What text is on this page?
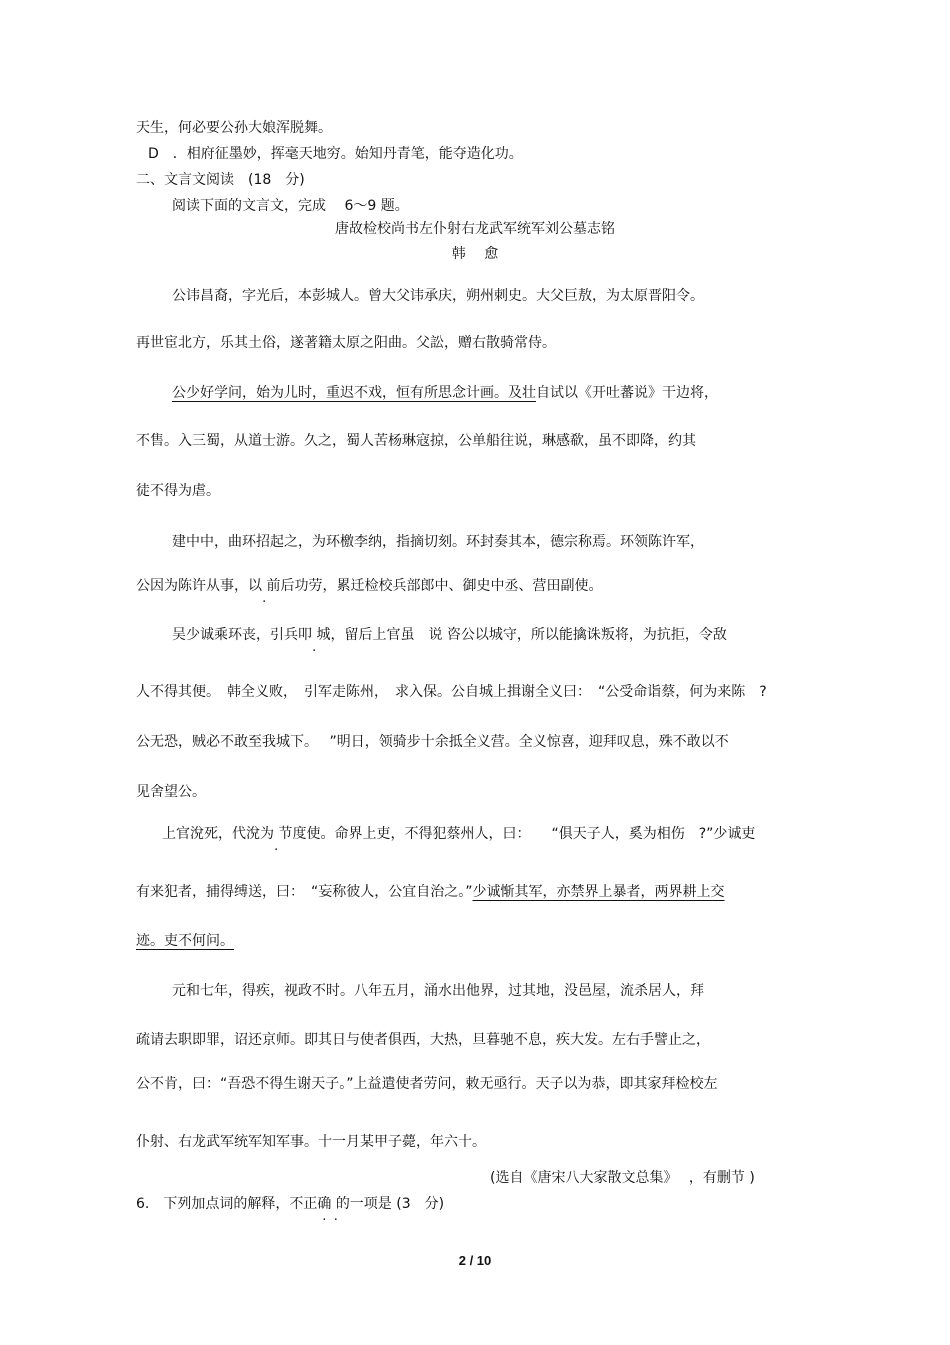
天生，何必要公孙大娘浑脱舞。
D　．相府征墨妙，挥毫天地穷。始知丹青笔，能夺造化功。
二、文言文阅读　(18　分)
阅读下面的文言文，完成　 6～9 题。
唐故检校尚书左仆射右龙武军统军刘公墓志铭
韩　 愈
公讳昌裔，字光后，本彭城人。曾大父讳承庆，朔州刺史。大父巨敖，为太原晋阳令。
再世宦北方，乐其土俗，遂著籍太原之阳曲。父訟，赠右散骑常侍。
公少好学问，始为儿时，重迟不戏，恒有所思念计画。及壮自试以《开吐蕃说》干边将，
不售。入三蜀，从道士游。久之，蜀人苦杨琳寇掠，公单船往说，琳感欷，虽不即降，约其
徒不得为虐。
建中中，曲环招起之，为环檄李纳，指摘切刻。环封奏其本，德宗称焉。环领陈许军，
公因为陈许从事，以 . 前后功劳，累迁检校兵部郎中、御史中丞、营田副使。
吴少诚乘环丧，引兵叩 . 城，留后上官虽　说 咨公以城守，所以能擒诛叛将，为抗拒，令敌
人不得其便。　韩全义败，　引军走陈州，　求入保。公自城上揖谢全义曰：　“公受命诣蔡，何为来陈　?
公无恐，贼必不敢至我城下。　 ”明日，领骑步十余抵全义营。全义惊喜，迎拜叹息，殊不敢以不
见舍望公。
上官涗死，代涗为 . 节度使。命界上吏，不得犯蔡州人，曰：　　“俱天子人，奚为相伤　?”少诚吏
有来犯者，捕得缚送，曰：　“妄称彼人，公宜自治之。”少诚惭其军，亦禁界上暴者，两界耕上交
迹。吏不何问。
元和七年，得疾，视政不时。八年五月，涌水出他界，过其地，没邑屋，流杀居人，拜
疏请去职即罪，诏还京师。即其日与使者俱西，大热，旦暮驰不息，疾大发。左右手譬止之，
公不肯，曰：“吾恐不得生谢天子。”上益遣使者劳问，敕无亟行。天子以为恭，即其家拜检校左
仆射、右龙武军统军知军事。十一月某甲子薨，年六十。
(选自《唐宋八大家散文总集》　 ，有删节 )
6.　下列加点词的解释，不正确 的一项是 (3　分)
2 / 10
